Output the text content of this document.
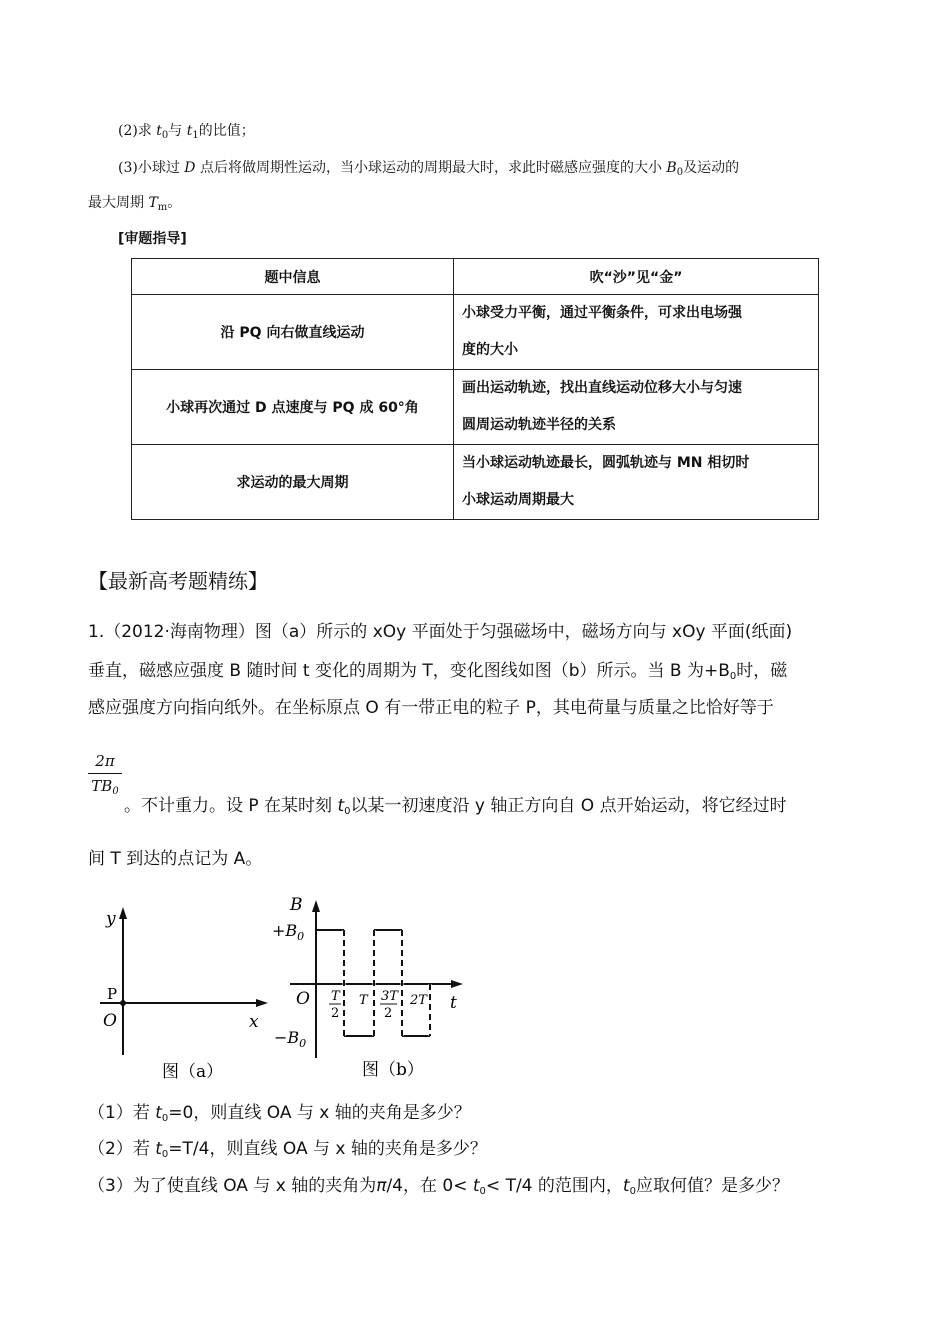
(2)求 $t_0$与 $t_1$的比值；
(3)小球过 D 点后将做周期性运动，当小球运动的周期最大时，求此时磁感应强度的大小 $B_0$及运动的
最大周期 $T_m$。
[审题指导]
题中信息	吹“沙”见“金”
沿 PQ 向右做直线运动	小球受力平衡，通过平衡条件，可求出电场强
度的大小

小球再次通过 D 点速度与 PQ 成 60°角	画出运动轨迹，找出直线运动位移大小与匀速
圆周运动轨迹半径的关系

求运动的最大周期	当小球运动轨迹最长，圆弧轨迹与 MN 相切时
小球运动周期最大
【最新高考题精练】
1.（2012·海南物理）图（a）所示的 xOy 平面处于匀强磁场中，磁场方向与 xOy 平面(纸面)
垂直，磁感应强度 B 随时间 t 变化的周期为 T，变化图线如图（b）所示。当 B 为$+B_0$时，磁
感应强度方向指向纸外。在坐标原点 O 有一带正电的粒子 P，其电荷量与质量之比恰好等于
$\frac{2\pi}{TB_0}$
。不计重力。设 P 在某时刻 $t_0$以某一初速度沿 y 轴正方向自 O 点开始运动，将它经过时
间 T 到达的点记为 A。
y
x
P
O
图（a）
B
$+B_0$
$-B_0$
O	t
T
2
T 3T
2
2T
图（b）
（1）若 $t_0=0$，则直线 OA 与 x 轴的夹角是多少？
（2）若 $t_0=T/4$，则直线 OA 与 x 轴的夹角是多少？
（3）为了使直线 OA 与 x 轴的夹角为π/4，在 $0< t_0< T/4$ 的范围内，$t_0$应取何值？是多少？
